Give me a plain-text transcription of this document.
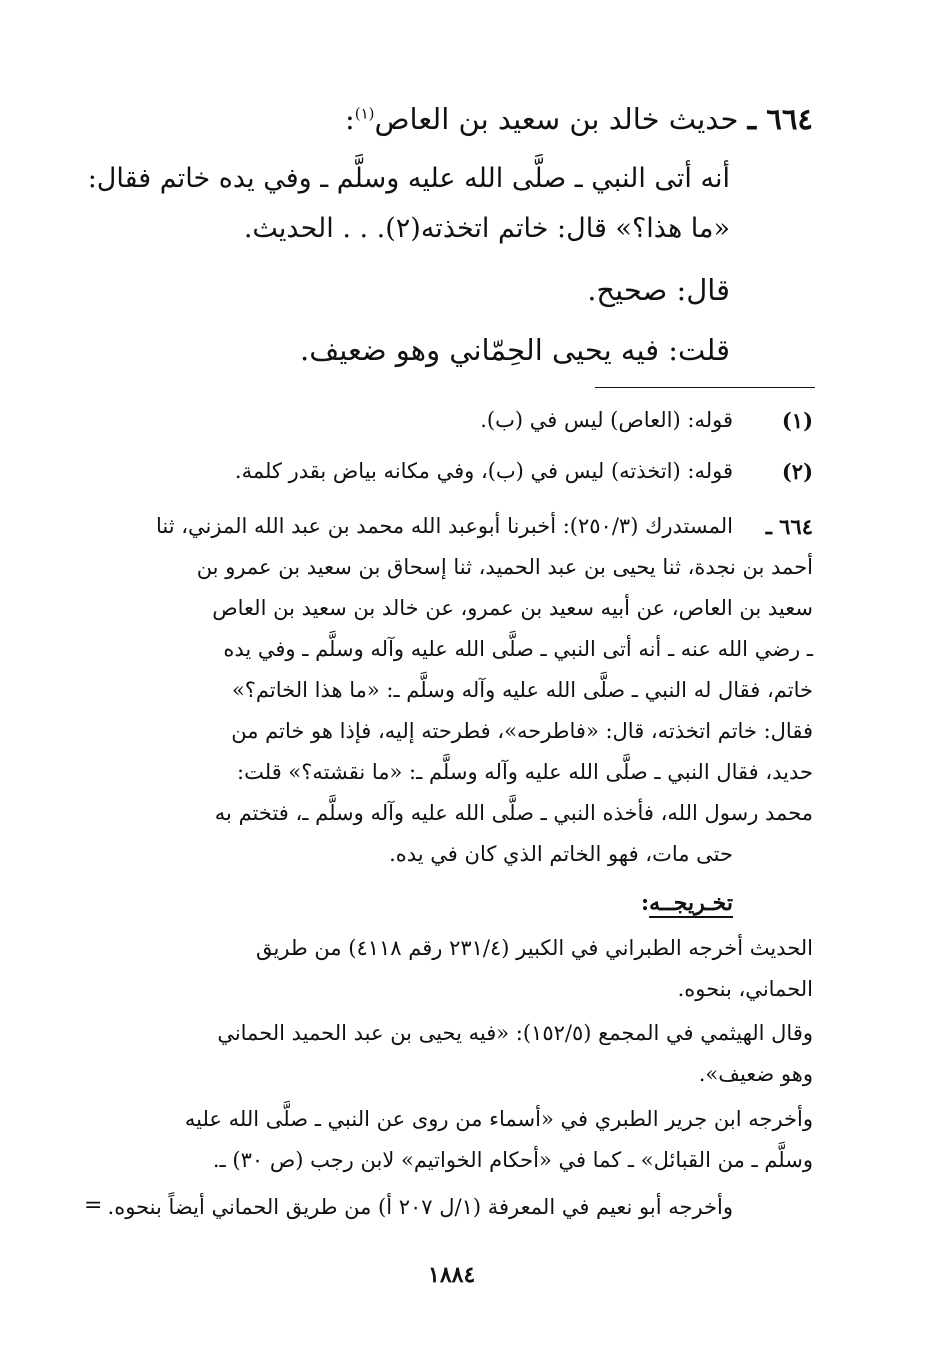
٦٦٤ ـ حديث خالد بن سعيد بن العاص$^{(١)}$:
أنه أتى النبي ـ صلَّى الله عليه وسلَّم ـ وفي يده خاتم فقال:
«ما هذا؟» قال: خاتم اتخذته(٢). . . الحديث.
قال: صحيح.
قلت: فيه يحيى الحِمّاني وهو ضعيف.
(١)
قوله: (العاص) ليس في (ب).
(٢)
قوله: (اتخذته) ليس في (ب)، وفي مكانه بياض بقدر كلمة.
٦٦٤ ـ
المستدرك (٢٥٠/٣): أخبرنا أبوعبد الله محمد بن عبد الله المزني، ثنا
أحمد بن نجدة، ثنا يحيى بن عبد الحميد، ثنا إسحاق بن سعيد بن عمرو بن
سعيد بن العاص، عن أبيه سعيد بن عمرو، عن خالد بن سعيد بن العاص
ـ رضي الله عنه ـ أنه أتى النبي ـ صلَّى الله عليه وآله وسلَّم ـ وفي يده
خاتم، فقال له النبي ـ صلَّى الله عليه وآله وسلَّم ـ: «ما هذا الخاتم؟»
فقال: خاتم اتخذته، قال: «فاطرحه»، فطرحته إليه، فإذا هو خاتم من
حديد، فقال النبي ـ صلَّى الله عليه وآله وسلَّم ـ: «ما نقشته؟» قلت:
محمد رسول الله، فأخذه النبي ـ صلَّى الله عليه وآله وسلَّم ـ، فتختم به
حتى مات، فهو الخاتم الذي كان في يده.
تخـريجــه:
الحديث أخرجه الطبراني في الكبير (٢٣١/٤ رقم ٤١١٨) من طريق
الحماني، بنحوه.
وقال الهيثمي في المجمع (١٥٢/٥): «فيه يحيى بن عبد الحميد الحماني
وهو ضعيف».
وأخرجه ابن جرير الطبري في «أسماء من روى عن النبي ـ صلَّى الله عليه
وسلَّم ـ من القبائل» ـ كما في «أحكام الخواتيم» لابن رجب (ص ٣٠) ـ.
وأخرجه أبو نعيم في المعرفة (١/ل ٢٠٧ أ) من طريق الحماني أيضاً بنحوه.
=
١٨٨٤
